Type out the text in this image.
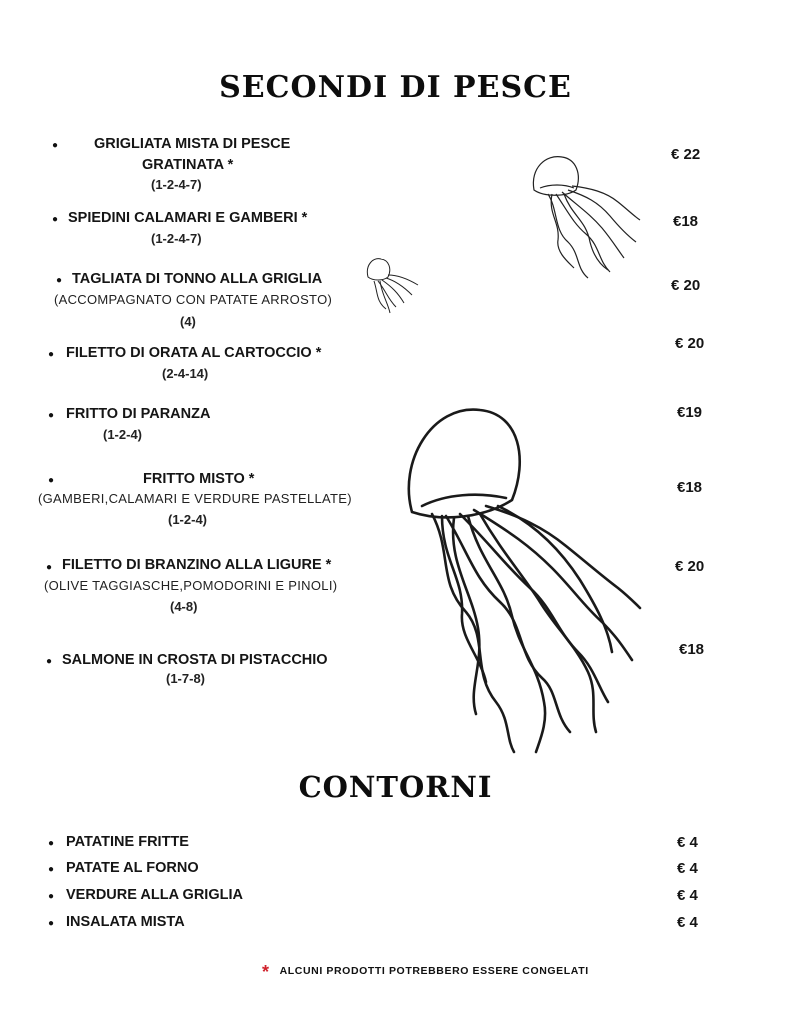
SECONDI DI PESCE
● GRIGLIATA MISTA DI PESCE
GRATINATA *
(1-2-4-7)
€ 22
● SPIEDINI CALAMARI E GAMBERI *
(1-2-4-7)
€18
● TAGLIATA DI TONNO ALLA GRIGLIA
(ACCOMPAGNATO CON PATATE ARROSTO)
(4)
€ 20
● FILETTO DI ORATA AL CARTOCCIO *
(2-4-14)
€ 20
● FRITTO DI PARANZA
(1-2-4)
€19
●	FRITTO MISTO *
(GAMBERI,CALAMARI E VERDURE PASTELLATE)
(1-2-4)
€18
● FILETTO DI BRANZINO ALLA LIGURE *
(OLIVE TAGGIASCHE,POMODORINI E PINOLI)
(4-8)
€ 20
● SALMONE IN CROSTA DI PISTACCHIO
(1-7-8)
€18
CONTORNI
● PATATINE FRITTE	€ 4
● PATATE AL FORNO	€ 4
● VERDURE ALLA GRIGLIA	€ 4
● INSALATA MISTA	€ 4
* ALCUNI PRODOTTI POTREBBERO ESSERE CONGELATI
